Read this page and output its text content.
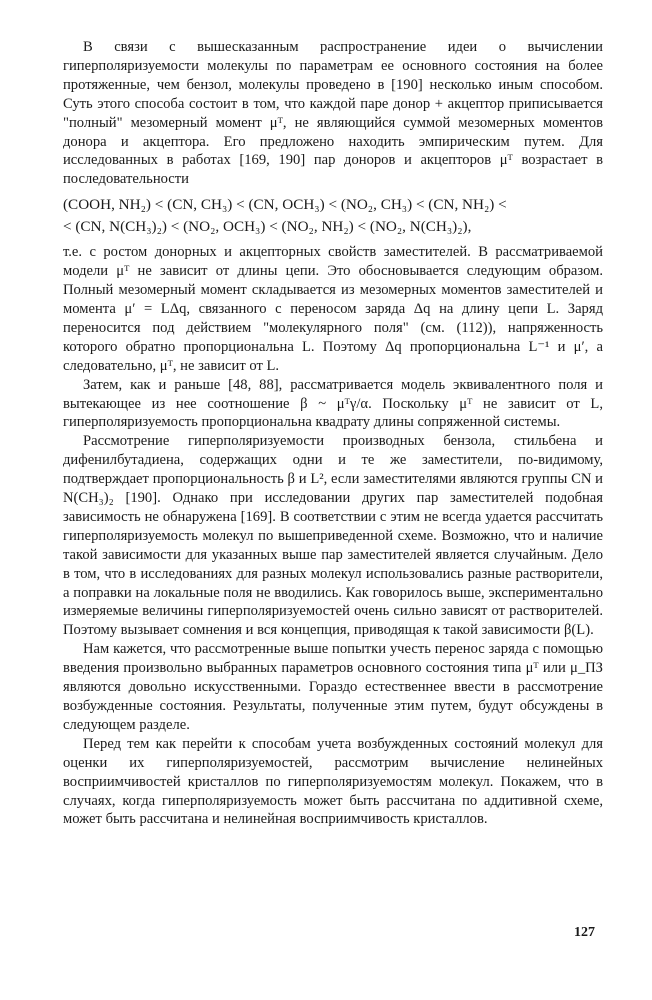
В связи с вышесказанным распространение идеи о вычислении гиперполяризуемости молекулы по параметрам ее основного состояния на более протяженные, чем бензол, молекулы проведено в [190] несколько иным способом. Суть этого способа состоит в том, что каждой паре донор + акцептор приписывается "полный" мезомерный момент μᵀ, не являющийся суммой мезомерных моментов донора и акцептора. Его предложено находить эмпирическим путем. Для исследованных в работах [169, 190] пар доноров и акцепторов μᵀ возрастает в последовательности

(COOH, NH₂) < (CN, CH₃) < (CN, OCH₃) < (NO₂, CH₃) < (CN, NH₂) <
< (CN, N(CH₃)₂) < (NO₂, OCH₃) < (NO₂, NH₂) < (NO₂, N(CH₃)₂),

т.е. с ростом донорных и акцепторных свойств заместителей. В рассматриваемой модели μᵀ не зависит от длины цепи. Это обосновывается следующим образом. Полный мезомерный момент складывается из мезомерных моментов заместителей и момента μ′ = LΔq, связанного с переносом заряда Δq на длину цепи L. Заряд переносится под действием "молекулярного поля" (см. (112)), напряженность которого обратно пропорциональна L. Поэтому Δq пропорциональна L⁻¹ и μ′, а следовательно, μᵀ, не зависит от L.

Затем, как и раньше [48, 88], рассматривается модель эквивалентного поля и вытекающее из нее соотношение β ~ μᵀγ/α. Поскольку μᵀ не зависит от L, гиперполяризуемость пропорциональна квадрату длины сопряженной системы.

Рассмотрение гиперполяризуемости производных бензола, стильбена и дифенилбутадиена, содержащих одни и те же заместители, по-видимому, подтверждает пропорциональность β и L², если заместителями являются группы CN и N(CH₃)₂ [190]. Однако при исследовании других пар заместителей подобная зависимость не обнаружена [169]. В соответствии с этим не всегда удается рассчитать гиперполяризуемость молекул по вышеприведенной схеме. Возможно, что и наличие такой зависимости для указанных выше пар заместителей является случайным. Дело в том, что в исследованиях для разных молекул использовались разные растворители, а поправки на локальные поля не вводились. Как говорилось выше, экспериментально измеряемые величины гиперполяризуемостей очень сильно зависят от растворителей. Поэтому вызывает сомнения и вся концепция, приводящая к такой зависимости β(L).

Нам кажется, что рассмотренные выше попытки учесть перенос заряда с помощью введения произвольно выбранных параметров основного состояния типа μᵀ или μ_ПЗ являются довольно искусственными. Гораздо естественнее ввести в рассмотрение возбужденные состояния. Результаты, полученные этим путем, будут обсуждены в следующем разделе.

Перед тем как перейти к способам учета возбужденных состояний молекул для оценки их гиперполяризуемостей, рассмотрим вычисление нелинейных восприимчивостей кристаллов по гиперполяризуемостям молекул. Покажем, что в случаях, когда гиперполяризуемость может быть рассчитана по аддитивной схеме, может быть рассчитана и нелинейная восприимчивость кристаллов.

127
